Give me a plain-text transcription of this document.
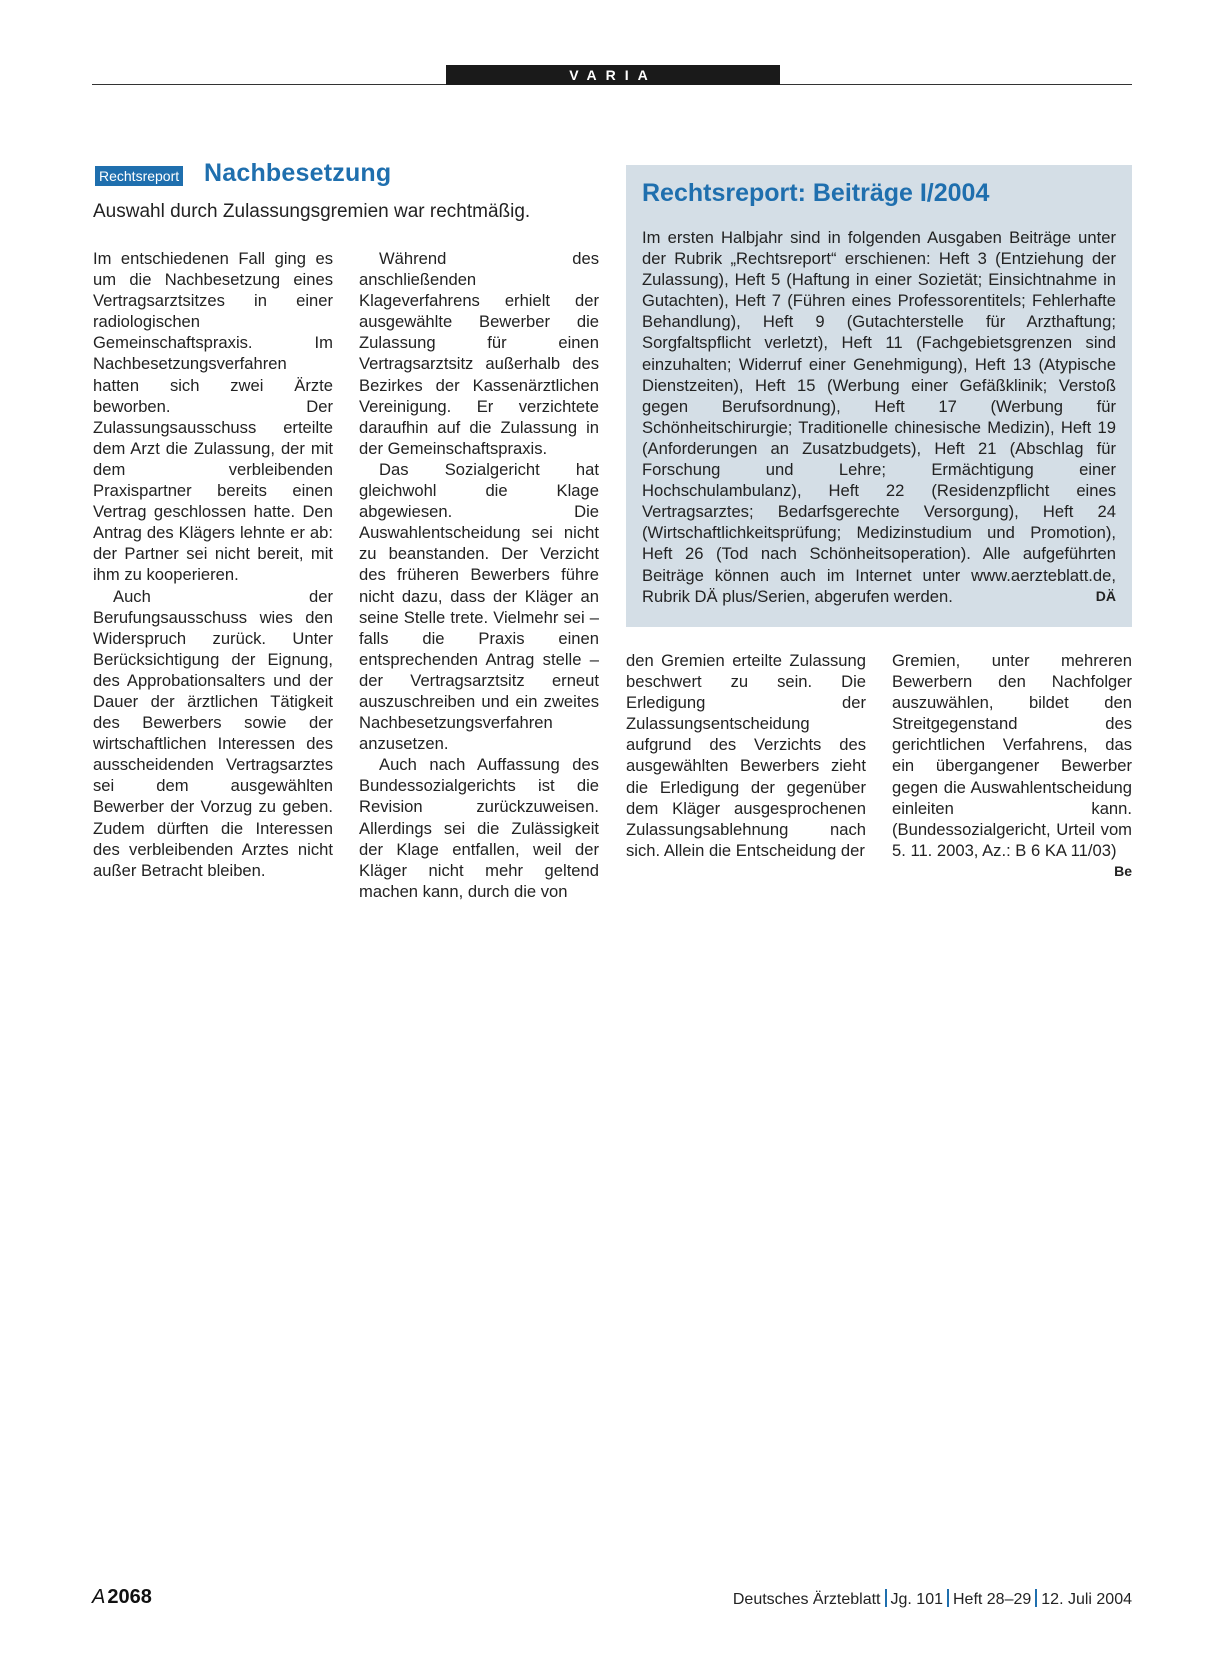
VARIA
Rechtsreport Nachbesetzung
Auswahl durch Zulassungsgremien war rechtmäßig.

Im entschiedenen Fall ging es um die Nachbesetzung eines Vertragsarztsitzes in einer radiologischen Gemeinschaftspraxis. Im Nachbesetzungsverfahren hatten sich zwei Ärzte beworben. Der Zulassungsausschuss erteilte dem Arzt die Zulassung, der mit dem verbleibenden Praxispartner bereits einen Vertrag geschlossen hatte. Den Antrag des Klägers lehnte er ab: der Partner sei nicht bereit, mit ihm zu kooperieren.

Auch der Berufungsausschuss wies den Widerspruch zurück. Unter Berücksichtigung der Eignung, des Approbationsalters und der Dauer der ärztlichen Tätigkeit des Bewerbers sowie der wirtschaftlichen Interessen des ausscheidenden Vertragsarztes sei dem ausgewählten Bewerber der Vorzug zu geben. Zudem dürften die Interessen des verbleibenden Arztes nicht außer Betracht bleiben.

Während des anschließenden Klageverfahrens erhielt der ausgewählte Bewerber die Zulassung für einen Vertragsarztsitz außerhalb des Bezirkes der Kassenärztlichen Vereinigung. Er verzichtete daraufhin auf die Zulassung in der Gemeinschaftspraxis.

Das Sozialgericht hat gleichwohl die Klage abgewiesen. Die Auswahlentscheidung sei nicht zu beanstanden. Der Verzicht des früheren Bewerbers führe nicht dazu, dass der Kläger an seine Stelle trete. Vielmehr sei – falls die Praxis einen entsprechenden Antrag stelle – der Vertragsarztsitz erneut auszuschreiben und ein zweites Nachbesetzungsverfahren anzusetzen.

Auch nach Auffassung des Bundessozialgerichts ist die Revision zurückzuweisen. Allerdings sei die Zulässigkeit der Klage entfallen, weil der Kläger nicht mehr geltend machen kann, durch die von

Rechtsreport: Beiträge I/2004
Im ersten Halbjahr sind in folgenden Ausgaben Beiträge unter der Rubrik „Rechtsreport“ erschienen: Heft 3 (Entziehung der Zulassung), Heft 5 (Haftung in einer Sozietät; Einsichtnahme in Gutachten), Heft 7 (Führen eines Professorentitels; Fehlerhafte Behandlung), Heft 9 (Gutachterstelle für Arzthaftung; Sorgfaltspflicht verletzt), Heft 11 (Fachgebietsgrenzen sind einzuhalten; Widerruf einer Genehmigung), Heft 13 (Atypische Dienstzeiten), Heft 15 (Werbung einer Gefäßklinik; Verstoß gegen Berufsordnung), Heft 17 (Werbung für Schönheitschirurgie; Traditionelle chinesische Medizin), Heft 19 (Anforderungen an Zusatzbudgets), Heft 21 (Abschlag für Forschung und Lehre; Ermächtigung einer Hochschulambulanz), Heft 22 (Residenzpflicht eines Vertragsarztes; Bedarfsgerechte Versorgung), Heft 24 (Wirtschaftlichkeitsprüfung; Medizinstudium und Promotion), Heft 26 (Tod nach Schönheitsoperation). Alle aufgeführten Beiträge können auch im Internet unter www.aerzteblatt.de, Rubrik DÄ plus/Serien, abgerufen werden.	DÄ

den Gremien erteilte Zulassung beschwert zu sein. Die Erledigung der Zulassungsentscheidung aufgrund des Verzichts des ausgewählten Bewerbers zieht die Erledigung der gegenüber dem Kläger ausgesprochenen Zulassungsablehnung nach sich. Allein die Entscheidung der

Gremien, unter mehreren Bewerbern den Nachfolger auszuwählen, bildet den Streitgegenstand des gerichtlichen Verfahrens, das ein übergangener Bewerber gegen die Auswahlentscheidung einleiten kann. (Bundessozialgericht, Urteil vom 5. 11. 2003, Az.: B 6 KA 11/03)
Be

A 2068	Deutsches Ärzteblatt Jg. 101 Heft 28–29 12. Juli 2004
